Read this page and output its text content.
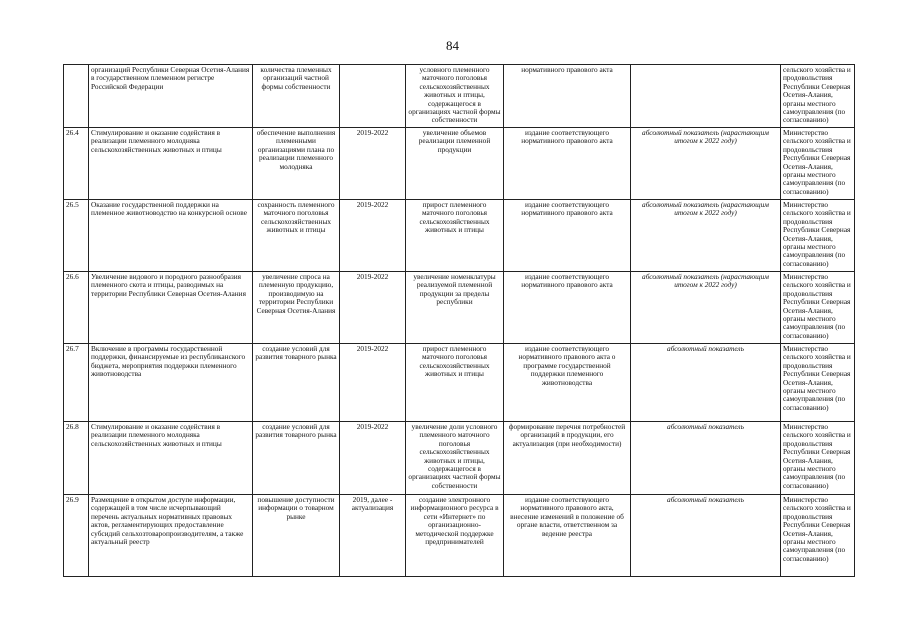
84
	организаций Республики Северная Осетия-Алания в государственном племенном регистре Российской Федерации	количества племенных организаций частной формы собственности		условного племенного маточного поголовья сельскохозяйственных животных и птицы, содержащегося в организациях частной формы собственности	нормативного правового акта		сельского хозяйства и продовольствия Республики Северная Осетия-Алания, органы местного самоуправления (по согласованию)
26.4	Стимулирование и оказание содействия в реализации племенного молодняка сельскохозяйственных животных и птицы	обеспечение выполнения племенными организациями плана по реализации племенного молодняка	2019-2022	увеличение объемов реализации племенной продукции	издание соответствующего нормативного правового акта	абсолютный показатель (нарастающим итогом к 2022 году)	Министерство сельского хозяйства и продовольствия Республики Северная Осетия-Алания, органы местного самоуправления (по согласованию)
26.5	Оказание государственной поддержки на племенное животноводство на конкурсной основе	сохранность племенного маточного поголовья сельскохозяйственных животных и птицы	2019-2022	прирост племенного маточного поголовья сельскохозяйственных животных и птицы	издание соответствующего нормативного правового акта	абсолютный показатель (нарастающим итогом к 2022 году)	Министерство сельского хозяйства и продовольствия Республики Северная Осетия-Алания, органы местного самоуправления (по согласованию)
26.6	Увеличение видового и породного разнообразия племенного скота и птицы, разводимых на территории Республики Северная Осетия-Алания	увеличение спроса на племенную продукцию, производимую на территории Республики Северная Осетия-Алания	2019-2022	увеличение номенклатуры реализуемой племенной продукции за пределы республики	издание соответствующего нормативного правового акта	абсолютный показатель (нарастающим итогом к 2022 году)	Министерство сельского хозяйства и продовольствия Республики Северная Осетия-Алания, органы местного самоуправления (по согласованию)
26.7	Включение в программы государственной поддержки, финансируемые из республиканского бюджета, мероприятия поддержки племенного животноводства	создание условий для развития товарного рынка	2019-2022	прирост племенного маточного поголовья сельскохозяйственных животных и птицы	издание соответствующего нормативного правового акта о программе государственной поддержки племенного животноводства	абсолютный показатель	Министерство сельского хозяйства и продовольствия Республики Северная Осетия-Алания, органы местного самоуправления (по согласованию)
26.8	Стимулирование и оказание содействия в реализации племенного молодняка сельскохозяйственных животных и птицы	создание условий для развития товарного рынка	2019-2022	увеличение доли условного племенного маточного поголовья сельскохозяйственных животных и птицы, содержащегося в организациях частной формы собственности	формирование перечня потребностей организаций в продукции, его актуализация (при необходимости)	абсолютный показатель	Министерство сельского хозяйства и продовольствия Республики Северная Осетия-Алания, органы местного самоуправления (по согласованию)
26.9	Размещение в открытом доступе информации, содержащей в том числе исчерпывающий перечень актуальных нормативных правовых актов, регламентирующих предоставление субсидий сельхозтоваропроизводителям, а также актуальный реестр	повышение доступности информации о товарном рынке	2019, далее - актуализация	создание электронного информационного ресурса в сети «Интернет» по организационно-методической поддержке предпринимателей	издание соответствующего нормативного правового акта, внесение изменений в положение об органе власти, ответственном за ведение реестра	абсолютный показатель	Министерство сельского хозяйства и продовольствия Республики Северная Осетия-Алания, органы местного самоуправления (по согласованию)
